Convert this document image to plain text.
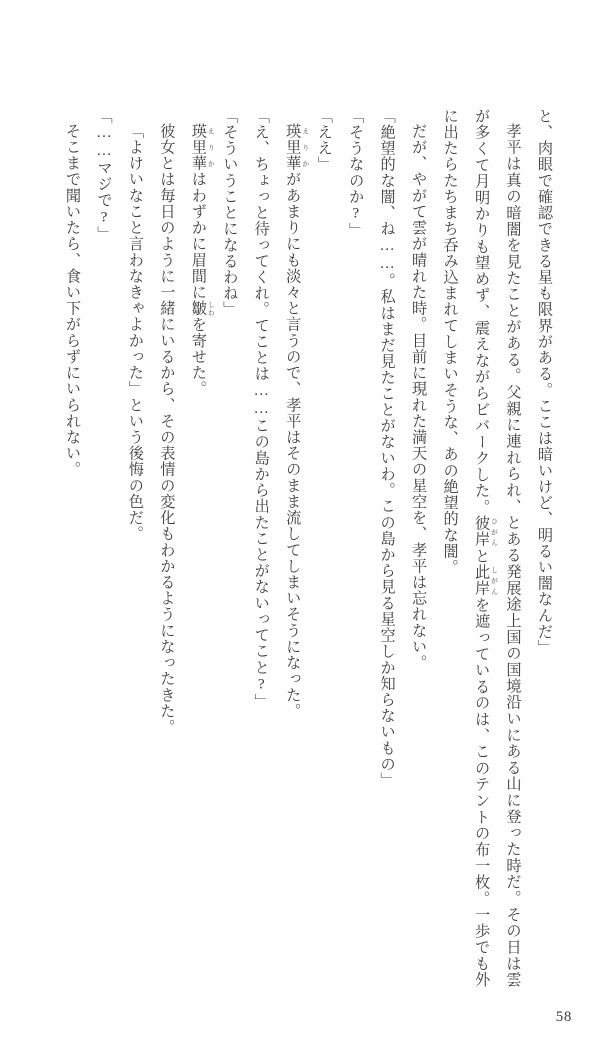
と、肉眼で確認できる星も限界がある。ここは暗いけど、明るい闇なんだ」

孝平は真の暗闇を見たことがある。父親に連れられ、とある発展途上国の国境沿いにある山に登った時だ。その日は雲が多くて月明かりも望めず、震えながらビバークした。彼岸 ひがんと此岸 しがんを遮っているのは、このテントの布一枚。一歩でも外に出たらたちまち呑み込まれてしまいそうな、あの絶望的な闇。

だが、やがて雲が晴れた時。目前に現れた満天の星空を、孝平は忘れない。

「絶望的な闇、ね……。私はまだ見たことがないわ。この島から見る星空しか知らないもの」

「そうなのか?」

「ええ」

瑛里華 えりかがあまりにも淡々と言うので、孝平はそのまま流してしまいそうになった。

「え、ちょっと待ってくれ。てことは……この島から出たことがないってこと?」

「そういうことになるわね」

瑛里華 えりかはわずかに眉間に皺 しわを寄せた。

彼女とは毎日のように一緒にいるから、その表情の変化もわかるようになったきた。

「よけいなこと言わなきゃよかった」という後悔の色だ。

「……マジで?」

そこまで聞いたら、食い下がらずにいられない。

58
